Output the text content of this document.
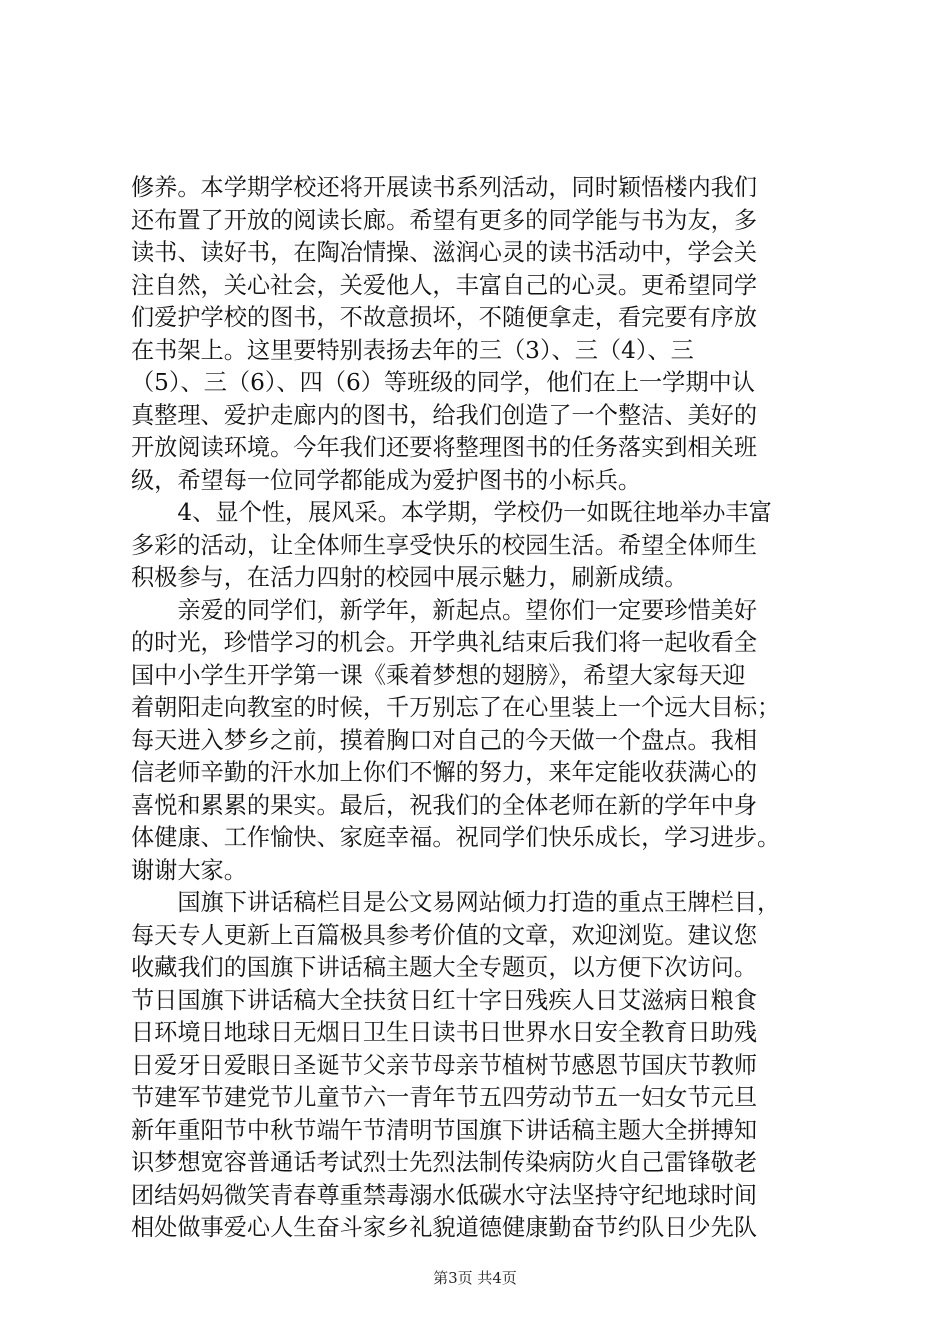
修养。本学期学校还将开展读书系列活动，同时颖悟楼内我们
还布置了开放的阅读长廊。希望有更多的同学能与书为友，多
读书、读好书，在陶冶情操、滋润心灵的读书活动中，学会关
注自然，关心社会，关爱他人，丰富自己的心灵。更希望同学
们爱护学校的图书，不故意损坏，不随便拿走，看完要有序放
在书架上。这里要特别表扬去年的三（3）、三（4）、三
（5）、三（6）、四（6）等班级的同学，他们在上一学期中认
真整理、爱护走廊内的图书，给我们创造了一个整洁、美好的
开放阅读环境。今年我们还要将整理图书的任务落实到相关班
级，希望每一位同学都能成为爱护图书的小标兵。
　　4、显个性，展风采。本学期，学校仍一如既往地举办丰富
多彩的活动，让全体师生享受快乐的校园生活。希望全体师生
积极参与，在活力四射的校园中展示魅力，刷新成绩。
　　亲爱的同学们，新学年，新起点。望你们一定要珍惜美好
的时光，珍惜学习的机会。开学典礼结束后我们将一起收看全
国中小学生开学第一课《乘着梦想的翅膀》，希望大家每天迎
着朝阳走向教室的时候，千万别忘了在心里装上一个远大目标；
每天进入梦乡之前，摸着胸口对自己的今天做一个盘点。我相
信老师辛勤的汗水加上你们不懈的努力，来年定能收获满心的
喜悦和累累的果实。最后，祝我们的全体老师在新的学年中身
体健康、工作愉快、家庭幸福。祝同学们快乐成长，学习进步。
谢谢大家。
　　国旗下讲话稿栏目是公文易网站倾力打造的重点王牌栏目，
每天专人更新上百篇极具参考价值的文章，欢迎浏览。建议您
收藏我们的国旗下讲话稿主题大全专题页，以方便下次访问。
节日国旗下讲话稿大全扶贫日红十字日残疾人日艾滋病日粮食
日环境日地球日无烟日卫生日读书日世界水日安全教育日助残
日爱牙日爱眼日圣诞节父亲节母亲节植树节感恩节国庆节教师
节建军节建党节儿童节六一青年节五四劳动节五一妇女节元旦
新年重阳节中秋节端午节清明节国旗下讲话稿主题大全拼搏知
识梦想宽容普通话考试烈士先烈法制传染病防火自己雷锋敬老
团结妈妈微笑青春尊重禁毒溺水低碳水守法坚持守纪地球时间
相处做事爱心人生奋斗家乡礼貌道德健康勤奋节约队日少先队
第3页 共4页
